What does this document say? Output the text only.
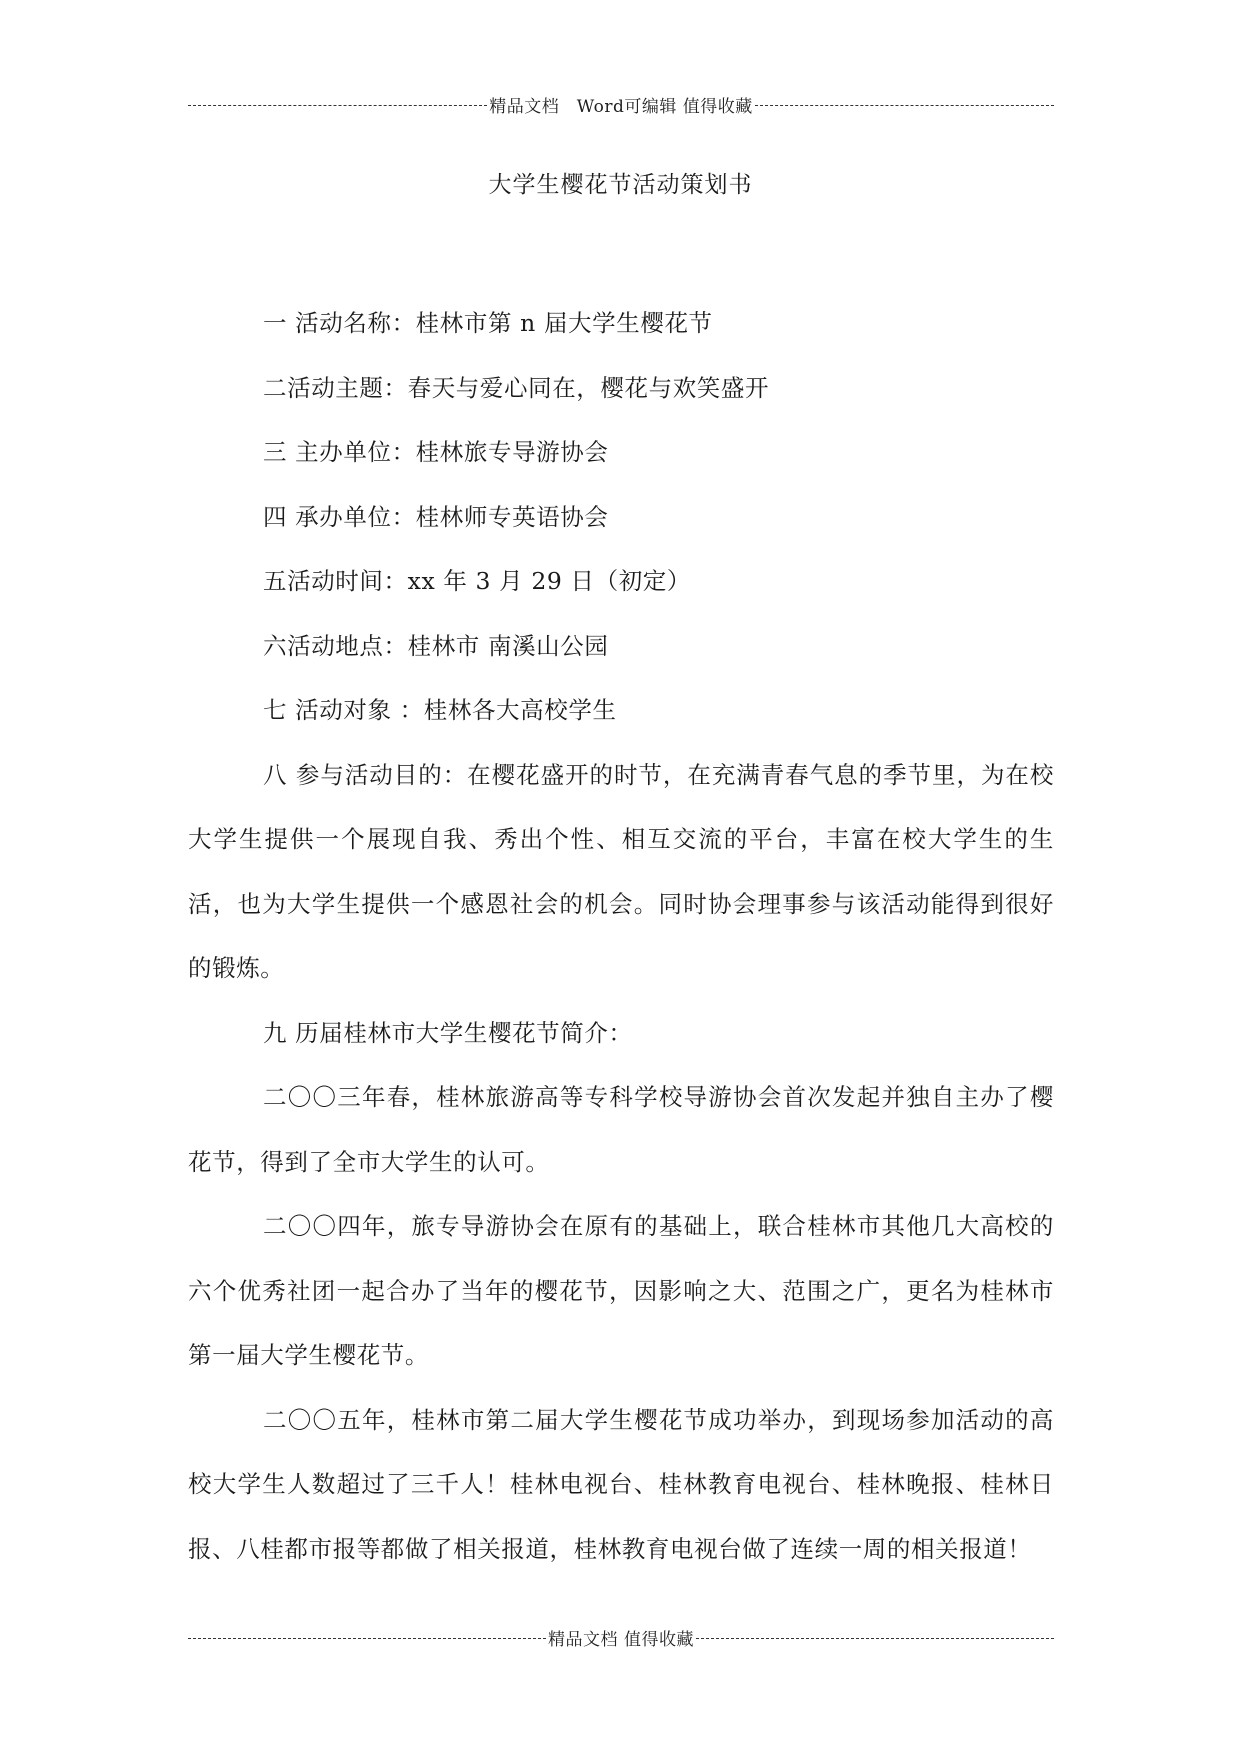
精品文档　Word可编辑 值得收藏
大学生樱花节活动策划书
一 活动名称：桂林市第 n 届大学生樱花节
二活动主题：春天与爱心同在，樱花与欢笑盛开
三 主办单位：桂林旅专导游协会
四 承办单位：桂林师专英语协会
五活动时间：xx 年 3 月 29 日（初定）
六活动地点：桂林市 南溪山公园
七 活动对象 ：桂林各大高校学生

八 参与活动目的：在樱花盛开的时节，在充满青春气息的季节里，为在校大学生提供一个展现自我、秀出个性、相互交流的平台，丰富在校大学生的生活，也为大学生提供一个感恩社会的机会。同时协会理事参与该活动能得到很好的锻炼。

九 历届桂林市大学生樱花节简介：

二〇〇三年春，桂林旅游高等专科学校导游协会首次发起并独自主办了樱花节，得到了全市大学生的认可。

二〇〇四年，旅专导游协会在原有的基础上，联合桂林市其他几大高校的六个优秀社团一起合办了当年的樱花节，因影响之大、范围之广，更名为桂林市第一届大学生樱花节。

二〇〇五年，桂林市第二届大学生樱花节成功举办，到现场参加活动的高校大学生人数超过了三千人！桂林电视台、桂林教育电视台、桂林晚报、桂林日报、八桂都市报等都做了相关报道，桂林教育电视台做了连续一周的相关报道！

精品文档 值得收藏
